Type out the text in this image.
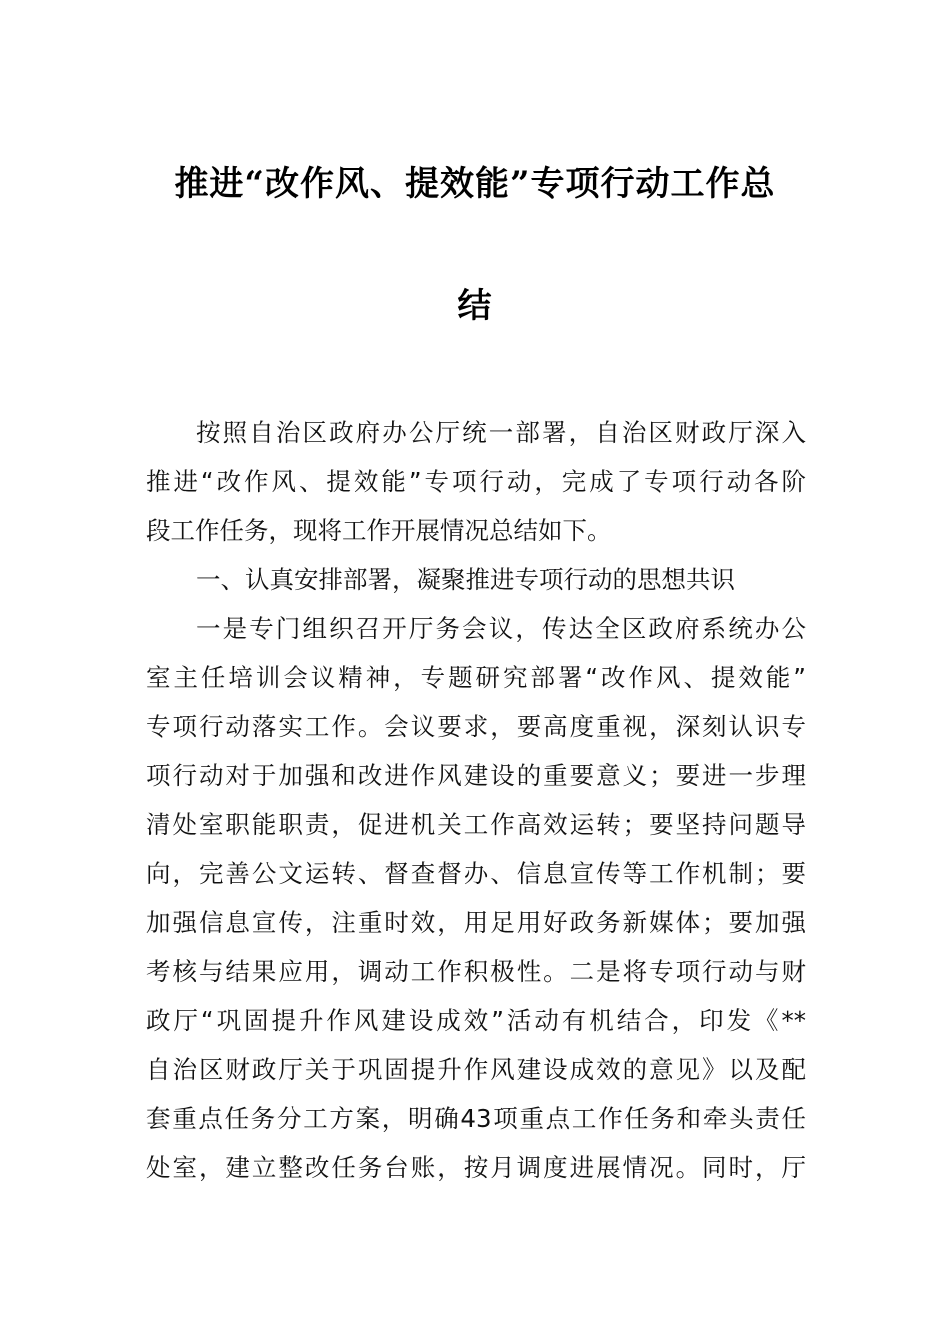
推进“改作风、提效能”专项行动工作总
结

按照自治区政府办公厅统一部署，自治区财政厅深入

推进“改作风、提效能”专项行动，完成了专项行动各阶

段工作任务，现将工作开展情况总结如下。

一、认真安排部署，凝聚推进专项行动的思想共识

一是专门组织召开厅务会议，传达全区政府系统办公

室主任培训会议精神，专题研究部署“改作风、提效能”

专项行动落实工作。会议要求，要高度重视，深刻认识专

项行动对于加强和改进作风建设的重要意义；要进一步理

清处室职能职责，促进机关工作高效运转；要坚持问题导

向，完善公文运转、督查督办、信息宣传等工作机制；要

加强信息宣传，注重时效，用足用好政务新媒体；要加强

考核与结果应用，调动工作积极性。二是将专项行动与财

政厅“巩固提升作风建设成效”活动有机结合，印发《**

自治区财政厅关于巩固提升作风建设成效的意见》以及配

套重点任务分工方案，明确43项重点工作任务和牵头责任

处室，建立整改任务台账，按月调度进展情况。同时，厅
